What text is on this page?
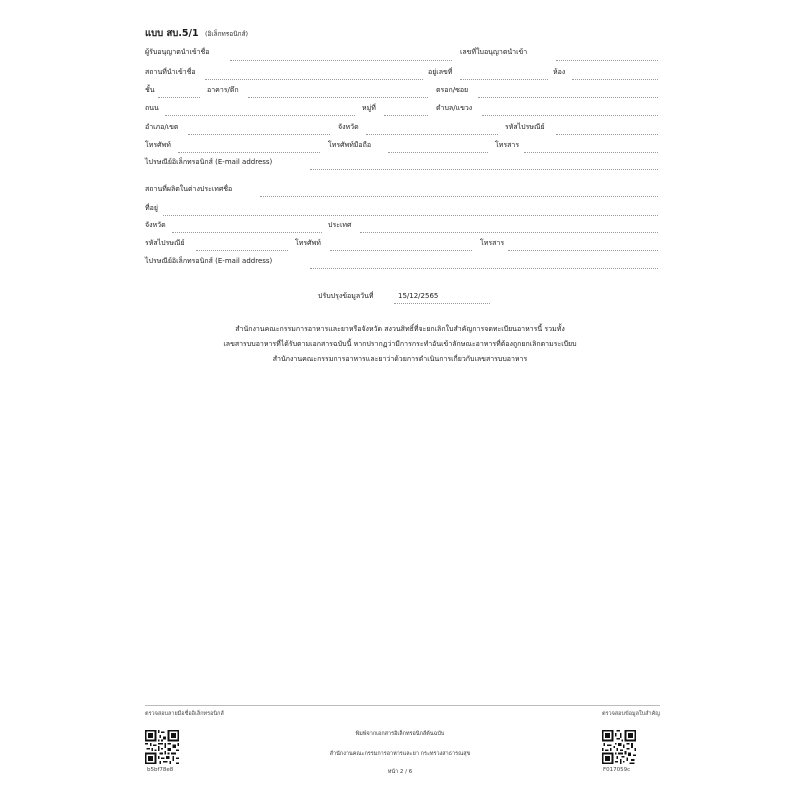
แบบ สบ.5/1 (อิเล็กทรอนิกส์)
ผู้รับอนุญาตนำเข้าชื่อ	เลขที่ใบอนุญาตนำเข้า
สถานที่นำเข้าชื่อ	อยู่เลขที่	ห้อง
ชั้น	อาคาร/ตึก	ตรอก/ซอย
ถนน	หมู่ที่	ตำบล/แขวง
อำเภอ/เขต	จังหวัด	รหัสไปรษณีย์
โทรศัพท์	โทรศัพท์มือถือ	โทรสาร
ไปรษณีย์อิเล็กทรอนิกส์ (E-mail address)
สถานที่ผลิตในต่างประเทศชื่อ
ที่อยู่
จังหวัด	ประเทศ
รหัสไปรษณีย์	โทรศัพท์	โทรสาร
ไปรษณีย์อิเล็กทรอนิกส์ (E-mail address)
ปรับปรุงข้อมูลวันที่	15/12/2565
สำนักงานคณะกรรมการอาหารและยาหรือจังหวัด สงวนสิทธิ์ที่จะยกเลิกใบสำคัญการจดทะเบียนอาหารนี้ รวมทั้ง
เลขสารบบอาหารที่ได้รับตามเอกสารฉบับนี้ หากปรากฏว่ามีการกระทำอันเข้าลักษณะอาหารที่ต้องถูกยกเลิกตามระเบียบ
สำนักงานคณะกรรมการอาหารและยาว่าด้วยการดำเนินการเกี่ยวกับเลขสารบบอาหาร
ตรวจสอบลายมือชื่ออิเล็กทรอนิกส์	ตรวจสอบข้อมูลใบสำคัญ
พิมพ์จากเอกสารอิเล็กทรอนิกส์ต้นฉบับ
สำนักงานคณะกรรมการอาหารและยา กระทรวงสาธารณสุข
หน้า 2 / 6
b5bf78e8	F017059c
